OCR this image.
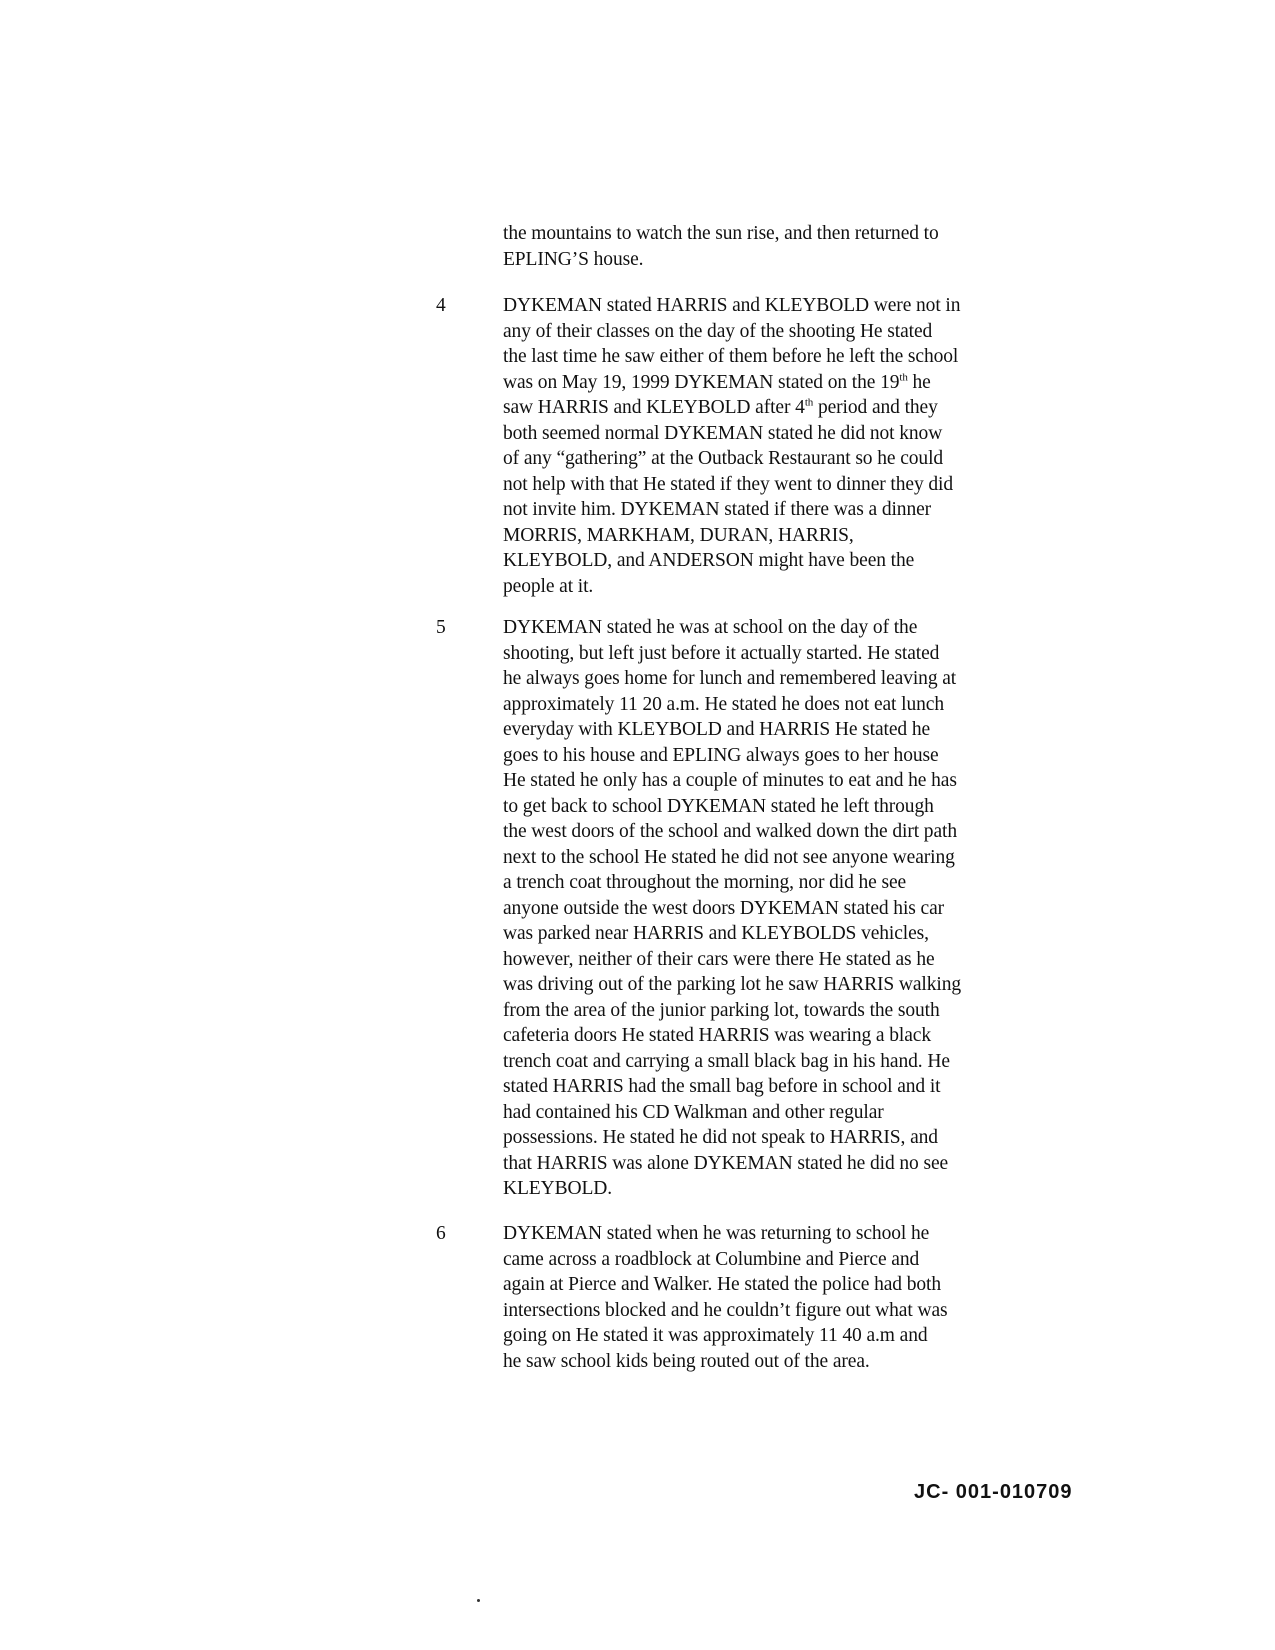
the mountains to watch the sun rise, and then returned to
EPLING’S house.
4	DYKEMAN stated HARRIS and KLEYBOLD were not in
any of their classes on the day of the shooting He stated
the last time he saw either of them before he left the school
was on May 19, 1999 DYKEMAN stated on the 19th he
saw HARRIS and KLEYBOLD after 4th period and they
both seemed normal DYKEMAN stated he did not know
of any “gathering” at the Outback Restaurant so he could
not help with that He stated if they went to dinner they did
not invite him. DYKEMAN stated if there was a dinner
MORRIS, MARKHAM, DURAN, HARRIS,
KLEYBOLD, and ANDERSON might have been the
people at it.
5	DYKEMAN stated he was at school on the day of the
shooting, but left just before it actually started. He stated
he always goes home for lunch and remembered leaving at
approximately 11 20 a.m. He stated he does not eat lunch
everyday with KLEYBOLD and HARRIS He stated he
goes to his house and EPLING always goes to her house
He stated he only has a couple of minutes to eat and he has
to get back to school DYKEMAN stated he left through
the west doors of the school and walked down the dirt path
next to the school He stated he did not see anyone wearing
a trench coat throughout the morning, nor did he see
anyone outside the west doors DYKEMAN stated his car
was parked near HARRIS and KLEYBOLDS vehicles,
however, neither of their cars were there He stated as he
was driving out of the parking lot he saw HARRIS walking
from the area of the junior parking lot, towards the south
cafeteria doors He stated HARRIS was wearing a black
trench coat and carrying a small black bag in his hand. He
stated HARRIS had the small bag before in school and it
had contained his CD Walkman and other regular
possessions. He stated he did not speak to HARRIS, and
that HARRIS was alone DYKEMAN stated he did no see
KLEYBOLD.
6	DYKEMAN stated when he was returning to school he
came across a roadblock at Columbine and Pierce and
again at Pierce and Walker. He stated the police had both
intersections blocked and he couldn’t figure out what was
going on He stated it was approximately 11 40 a.m and
he saw school kids being routed out of the area.
JC- 001-010709
